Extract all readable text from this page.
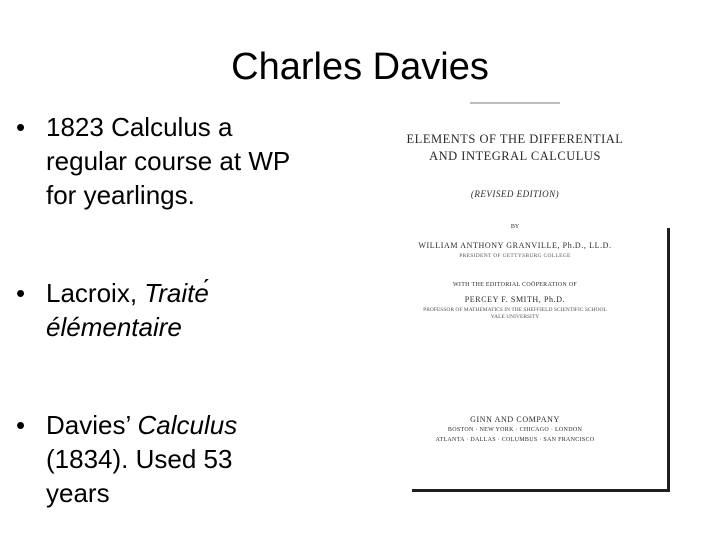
Charles Davies
• 1823 Calculus a
regular course at WP
for yearlings.
• Lacroix, Traite
élémentaire
• Davies’ Calculus
(1834). Used 53
years
ELEMENTS OF THE DIFFERENTIAL
AND INTEGRAL CALCULUS
(REVISED EDITION)
BY
WILLIAM ANTHONY GRANVILLE, Ph.D., LL.D.
PRESIDENT OF GETTYSBURG COLLEGE
WITH THE EDITORIAL COÖPERATION OF
PERCEY F. SMITH, Ph.D.
PROFESSOR OF MATHEMATICS IN THE SHEFFIELD SCIENTIFIC SCHOOL
YALE UNIVERSITY
GINN AND COMPANY
BOSTON · NEW YORK · CHICAGO · LONDON
ATLANTA · DALLAS · COLUMBUS · SAN FRANCISCO
